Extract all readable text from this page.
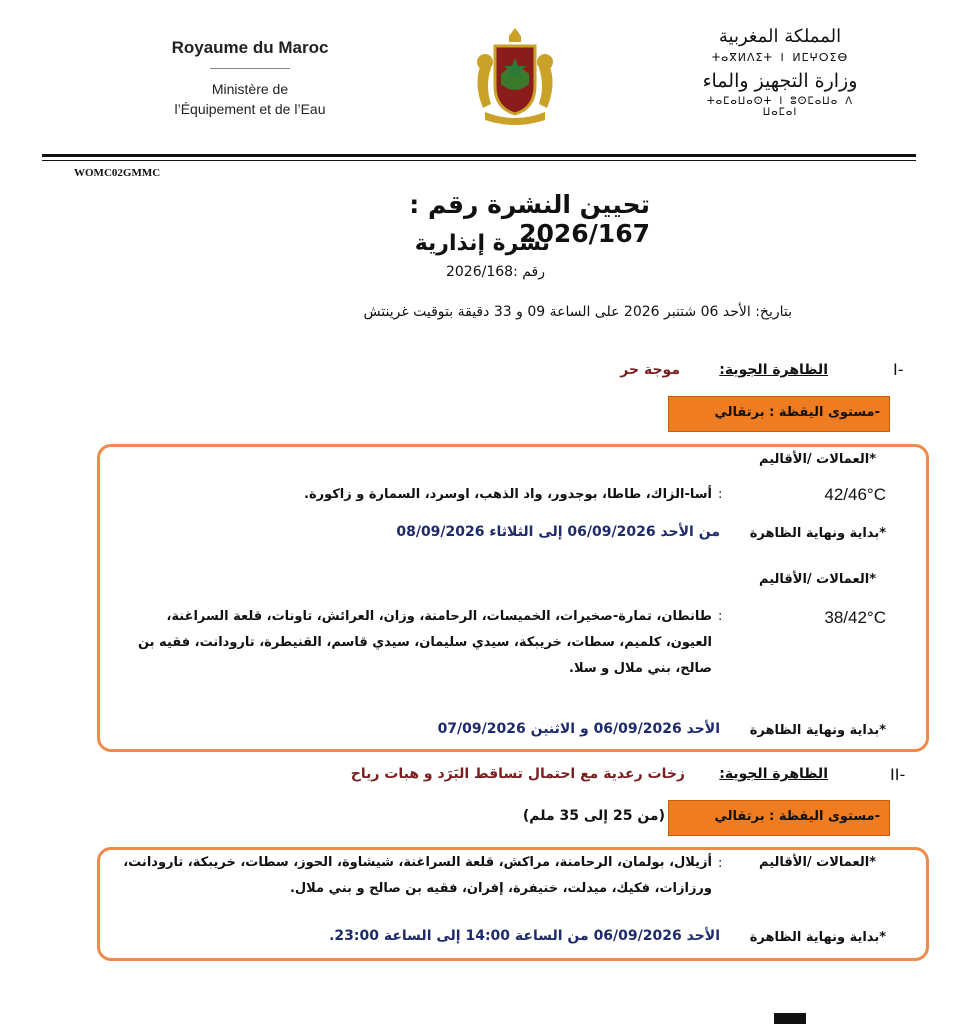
Royaume du Maroc
Ministère de
l’Équipement et de l’Eau
المملكة المغربية
ⵜⴰⴳⵍⴷⵉⵜ ⵏ ⵍⵎⵖⵔⵉⴱ
وزارة التجهيز والماء
ⵜⴰⵎⴰⵡⴰⵙⵜ ⵏ ⵓⵙⵎⴰⵡⴰ ⴷ ⵡⴰⵎⴰⵏ
WOMC02GMMC
تحيين النشرة رقم : 2026/167
نشرة إنذارية
رقم :2026/168
بتاريخ: الأحد 06 شتنبر 2026 على الساعة 09 و 33 دقيقة بتوقيت غرينتش
I-
الظاهرة الجوية:
موجة حر
-مستوى اليقظة : برتقالي
*العمالات /الأقاليم
42/46°C
:
أسا-الزاك، طاطا، بوجدور، واد الذهب، اوسرد، السمارة و زاكورة.
*بداية ونهاية الظاهرة
من الأحد 06/09/2026 إلى الثلاثاء 08/09/2026
*العمالات /الأقاليم
38/42°C
:
طانطان، تمارة-صخيرات، الخميسات، الرحامنة، وزان، العرائش، تاونات، قلعة السراغنة، العيون، كلميم، سطات، خريبكة، سيدي سليمان، سيدي قاسم، القنيطرة، تارودانت، فقيه بن صالح، بني ملال و سلا.
*بداية ونهاية الظاهرة
الأحد 06/09/2026 و الاثنين 07/09/2026
II-
الظاهرة الجوية:
زخات رعدية مع احتمال تساقط البَرَد و هبات رياح
-مستوى اليقظة : برتقالي
(من 25 إلى 35 ملم)
*العمالات /الأقاليم
:
أزيلال، بولمان، الرحامنة، مراكش، قلعة السراغنة، شيشاوة، الحوز، سطات، خريبكة، تارودانت، ورزازات، فكيك، ميدلت، خنيفرة، إفران، فقيه بن صالح و بني ملال.
*بداية ونهاية الظاهرة
الأحد 06/09/2026 من الساعة 14:00 إلى الساعة 23:00.
